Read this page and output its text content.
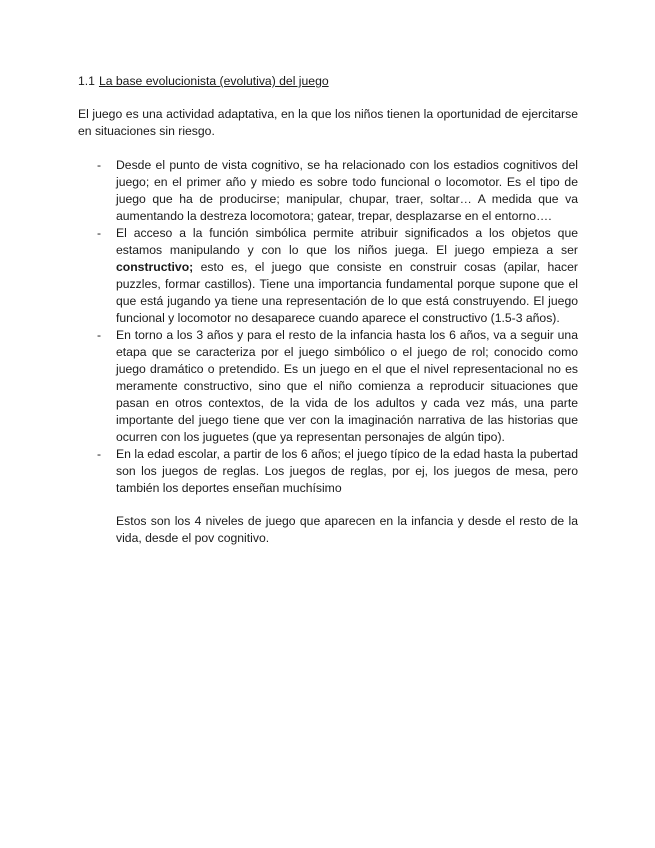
1.1 La base evolucionista (evolutiva) del juego

El juego es una actividad adaptativa, en la que los niños tienen la oportunidad de ejercitarse en situaciones sin riesgo.

- Desde el punto de vista cognitivo, se ha relacionado con los estadios cognitivos del juego; en el primer año y miedo es sobre todo funcional o locomotor. Es el tipo de juego que ha de producirse; manipular, chupar, traer, soltar… A medida que va aumentando la destreza locomotora; gatear, trepar, desplazarse en el entorno….
- El acceso a la función simbólica permite atribuir significados a los objetos que estamos manipulando y con lo que los niños juega. El juego empieza a ser constructivo; esto es, el juego que consiste en construir cosas (apilar, hacer puzzles, formar castillos). Tiene una importancia fundamental porque supone que el que está jugando ya tiene una representación de lo que está construyendo. El juego funcional y locomotor no desaparece cuando aparece el constructivo (1.5-3 años).
- En torno a los 3 años y para el resto de la infancia hasta los 6 años, va a seguir una etapa que se caracteriza por el juego simbólico o el juego de rol; conocido como juego dramático o pretendido. Es un juego en el que el nivel representacional no es meramente constructivo, sino que el niño comienza a reproducir situaciones que pasan en otros contextos, de la vida de los adultos y cada vez más, una parte importante del juego tiene que ver con la imaginación narrativa de las historias que ocurren con los juguetes (que ya representan personajes de algún tipo).
- En la edad escolar, a partir de los 6 años; el juego típico de la edad hasta la pubertad son los juegos de reglas. Los juegos de reglas, por ej, los juegos de mesa, pero también los deportes enseñan muchísimo

Estos son los 4 niveles de juego que aparecen en la infancia y desde el resto de la vida, desde el pov cognitivo.
